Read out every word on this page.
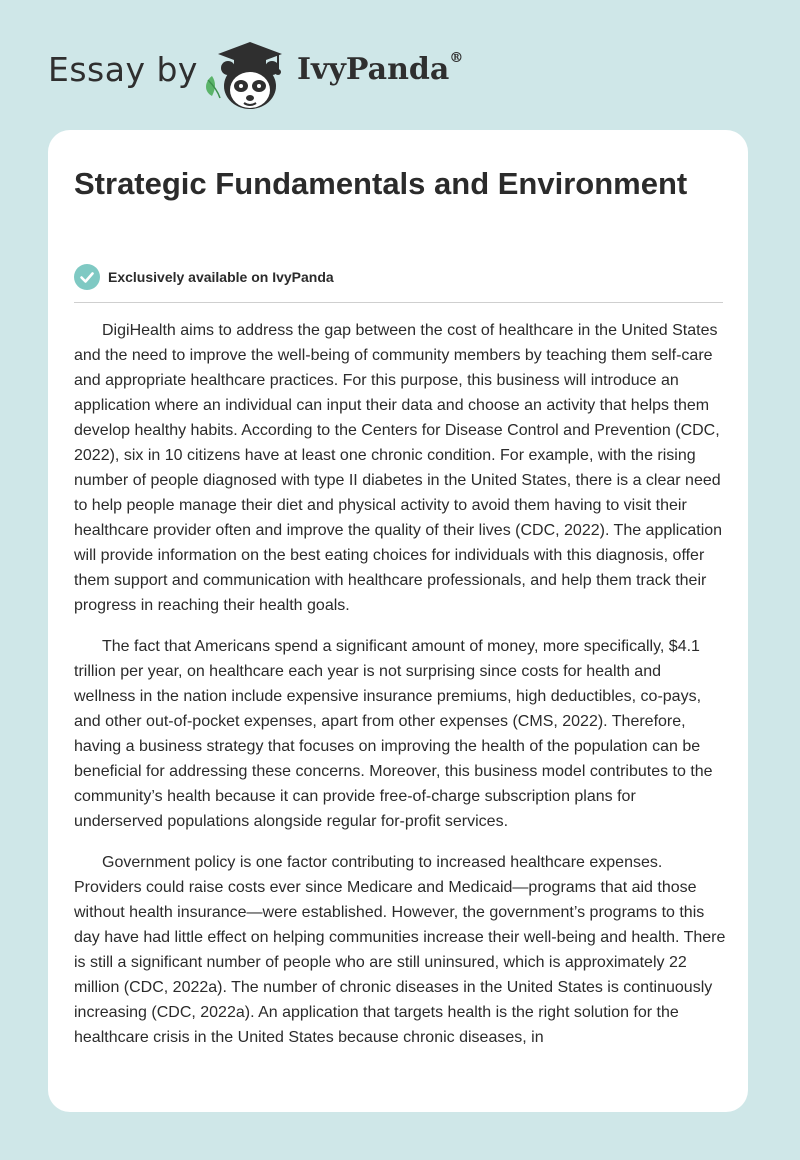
Essay by	IvyPanda®
Strategic Fundamentals and Environment
Exclusively available on IvyPanda

DigiHealth aims to address the gap between the cost of healthcare in the United States and the need to improve the well-being of community members by teaching them self-care and appropriate healthcare practices. For this purpose, this business will introduce an application where an individual can input their data and choose an activity that helps them develop healthy habits. According to the Centers for Disease Control and Prevention (CDC, 2022), six in 10 citizens have at least one chronic condition. For example, with the rising number of people diagnosed with type II diabetes in the United States, there is a clear need to help people manage their diet and physical activity to avoid them having to visit their healthcare provider often and improve the quality of their lives (CDC, 2022). The application will provide information on the best eating choices for individuals with this diagnosis, offer them support and communication with healthcare professionals, and help them track their progress in reaching their health goals.

The fact that Americans spend a significant amount of money, more specifically, $4.1 trillion per year, on healthcare each year is not surprising since costs for health and wellness in the nation include expensive insurance premiums, high deductibles, co-pays, and other out-of-pocket expenses, apart from other expenses (CMS, 2022). Therefore, having a business strategy that focuses on improving the health of the population can be beneficial for addressing these concerns. Moreover, this business model contributes to the community’s health because it can provide free-of-charge subscription plans for underserved populations alongside regular for-profit services.

Government policy is one factor contributing to increased healthcare expenses. Providers could raise costs ever since Medicare and Medicaid—programs that aid those without health insurance—were established. However, the government’s programs to this day have had little effect on helping communities increase their well-being and health. There is still a significant number of people who are still uninsured, which is approximately 22 million (CDC, 2022a). The number of chronic diseases in the United States is continuously increasing (CDC, 2022a). An application that targets health is the right solution for the healthcare crisis in the United States because chronic diseases, in
